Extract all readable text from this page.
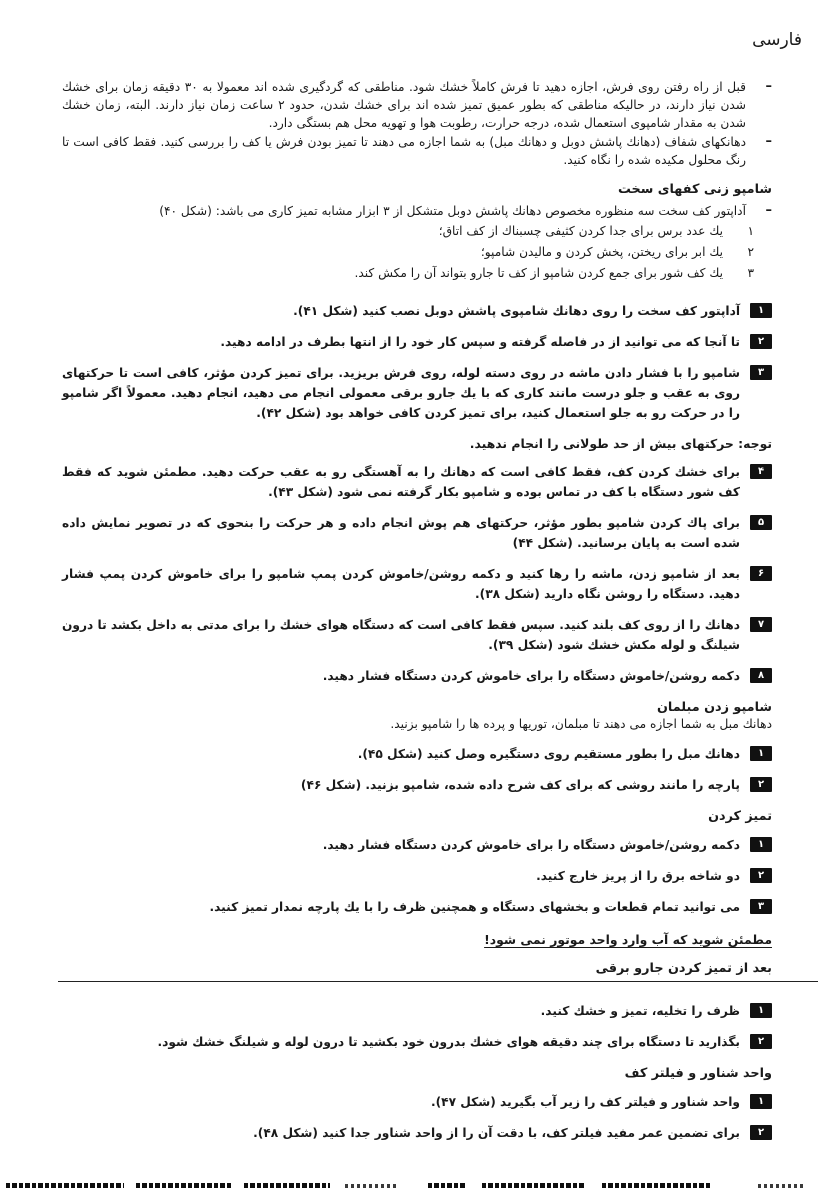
فارسی
–
قبل از راه رفتن روی فرش، اجازه دهید تا فرش کاملاً خشك شود. مناطقی که گردگیری شده اند معمولا به ۳۰ دقیقه زمان برای خشك شدن نیاز دارند، در حالیکه مناطقی که بطور عمیق تمیز شده اند برای خشك شدن، حدود ۲ ساعت زمان نیاز دارند. البته، زمان خشك شدن به مقدار شامپوی استعمال شده، درجه حرارت، رطوبت هوا و تهویه محل هم بستگی دارد.
–
دهانکهای شفاف (دهانك پاشش دوبل و دهانك مبل) به شما اجازه می دهند تا تمیز بودن فرش یا کف را بررسی کنید. فقط کافی است تا رنگ محلول مکیده شده را نگاه کنید.
شامپو زنی کفهای سخت
–
آداپتور کف سخت سه منظوره مخصوص دهانك پاشش دوبل متشکل از ۳ ابزار مشابه تمیز کاری می باشد: (شکل ۴۰)
۱
یك عدد برس برای جدا کردن کثیفی چسبناك از کف اتاق؛
۲
یك ابر برای ریختن، پخش کردن و مالیدن شامپو؛
۳
یك کف شور برای جمع کردن شامپو از کف تا جارو بتواند آن را مکش کند.
۱
آداپتور کف سخت را روی دهانك شامپوی پاشش دوبل نصب کنید (شکل ۴۱).
۲
تا آنجا که می توانید از در فاصله گرفته و سپس کار خود را از انتها بطرف در ادامه دهید.
۳
شامپو را با فشار دادن ماشه در روی دسته لوله، روی فرش بریزید. برای تمیز کردن مؤثر، کافی است تا حرکتهای روی به عقب و جلو درست مانند کاری که با یك جارو برقی معمولی انجام می دهید، انجام دهید. معمولاً اگر شامپو را در حرکت رو به جلو استعمال کنید، برای تمیز کردن کافی خواهد بود (شکل ۴۲).
توجه: حرکتهای بیش از حد طولانی را انجام ندهید.
۴
برای خشك کردن کف، فقط کافی است که دهانك را به آهستگی رو به عقب حرکت دهید. مطمئن شوید که فقط کف شور دستگاه با کف در تماس بوده و شامپو بکار گرفته نمی شود (شکل ۴۳).
۵
برای پاك کردن شامپو بطور مؤثر، حرکتهای هم پوش انجام داده و هر حرکت را بنحوی که در تصویر نمایش داده شده است به پایان برسانید. (شکل ۴۴)
۶
بعد از شامپو زدن، ماشه را رها کنید و دکمه روشن/خاموش کردن پمپ شامپو را برای خاموش کردن پمپ فشار دهید. دستگاه را روشن نگاه دارید (شکل ۳۸).
۷
دهانك را از روی کف بلند کنید. سپس فقط کافی است که دستگاه هوای خشك را برای مدتی به داخل بکشد تا درون شیلنگ و لوله مکش خشك شود (شکل ۳۹).
۸
دکمه روشن/خاموش دستگاه را برای خاموش کردن دستگاه فشار دهید.
شامپو زدن مبلمان
دهانك مبل به شما اجازه می دهند تا مبلمان، توریها و پرده ها را شامپو بزنید.
۱
دهانك مبل را بطور مستقیم روی دستگیره وصل کنید (شکل ۴۵).
۲
پارچه را مانند روشی که برای کف شرح داده شده، شامپو بزنید. (شکل ۴۶)
تمیز کردن
۱
دکمه روشن/خاموش دستگاه را برای خاموش کردن دستگاه فشار دهید.
۲
دو شاخه برق را از پریز خارج کنید.
۳
می توانید تمام قطعات و بخشهای دستگاه و همچنین ظرف را با یك پارچه نمدار تمیز کنید.
مطمئن شوید که آب وارد واحد موتور نمی شود!
بعد از تمیز کردن جارو برقی
۱
ظرف را تخلیه، تمیز و خشك کنید.
۲
بگذارید تا دستگاه برای چند دقیقه هوای خشك بدرون خود بکشید تا درون لوله و شیلنگ خشك شود.
واحد شناور و فیلتر کف
۱
واحد شناور و فیلتر کف را زیر آب بگیرید (شکل ۴۷).
۲
برای تضمین عمر مفید فیلتر کف، با دقت آن را از واحد شناور جدا کنید (شکل ۴۸).
